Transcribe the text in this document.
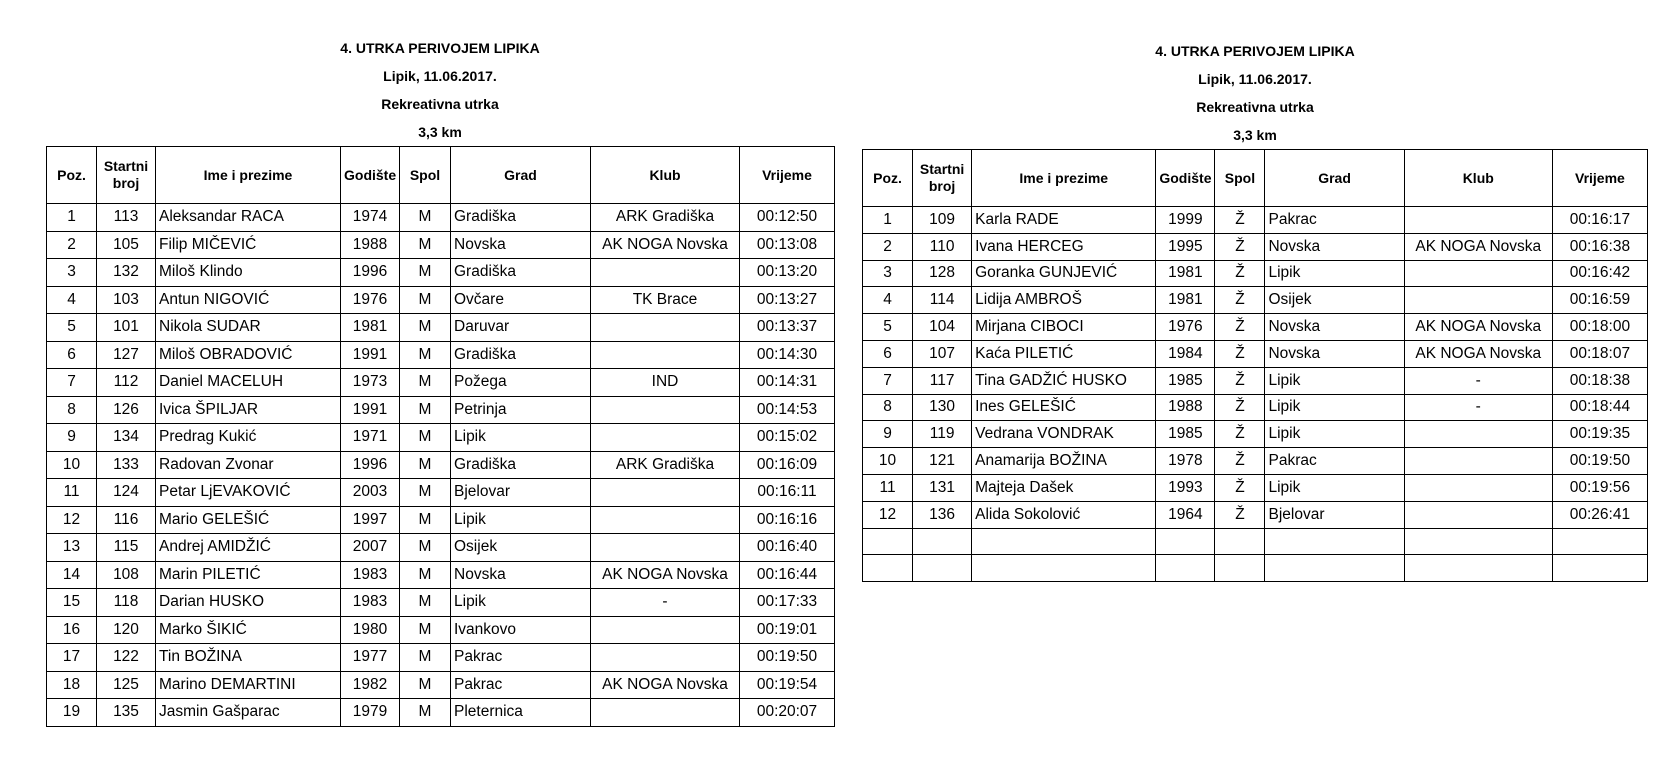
4. UTRKA PERIVOJEM LIPIKA
Lipik, 11.06.2017.
Rekreativna utrka
3,3 km
Poz.	Startni broj	Ime i prezime	Godište	Spol	Grad	Klub	Vrijeme
1	113	Aleksandar RACA	1974	M	Gradiška	ARK Gradiška	00:12:50
2	105	Filip MIČEVIĆ	1988	M	Novska	AK NOGA Novska	00:13:08
3	132	Miloš Klindo	1996	M	Gradiška		00:13:20
4	103	Antun NIGOVIĆ	1976	M	Ovčare	TK Brace	00:13:27
5	101	Nikola SUDAR	1981	M	Daruvar		00:13:37
6	127	Miloš OBRADOVIĆ	1991	M	Gradiška		00:14:30
7	112	Daniel MACELUH	1973	M	Požega	IND	00:14:31
8	126	Ivica ŠPILJAR	1991	M	Petrinja		00:14:53
9	134	Predrag Kukić	1971	M	Lipik		00:15:02
10	133	Radovan Zvonar	1996	M	Gradiška	ARK Gradiška	00:16:09
11	124	Petar LjEVAKOVIĆ	2003	M	Bjelovar		00:16:11
12	116	Mario GELEŠIĆ	1997	M	Lipik		00:16:16
13	115	Andrej AMIDŽIĆ	2007	M	Osijek		00:16:40
14	108	Marin PILETIĆ	1983	M	Novska	AK NOGA Novska	00:16:44
15	118	Darian HUSKO	1983	M	Lipik	-	00:17:33
16	120	Marko ŠIKIĆ	1980	M	Ivankovo		00:19:01
17	122	Tin BOŽINA	1977	M	Pakrac		00:19:50
18	125	Marino DEMARTINI	1982	M	Pakrac	AK NOGA Novska	00:19:54
19	135	Jasmin Gašparac	1979	M	Pleternica		00:20:07
4. UTRKA PERIVOJEM LIPIKA
Lipik, 11.06.2017.
Rekreativna utrka
3,3 km
Poz.	Startni broj	Ime i prezime	Godište	Spol	Grad	Klub	Vrijeme
1	109	Karla RADE	1999	Ž	Pakrac		00:16:17
2	110	Ivana HERCEG	1995	Ž	Novska	AK NOGA Novska	00:16:38
3	128	Goranka GUNJEVIĆ	1981	Ž	Lipik		00:16:42
4	114	Lidija AMBROŠ	1981	Ž	Osijek		00:16:59
5	104	Mirjana CIBOCI	1976	Ž	Novska	AK NOGA Novska	00:18:00
6	107	Kaća PILETIĆ	1984	Ž	Novska	AK NOGA Novska	00:18:07
7	117	Tina GADŽIĆ HUSKO	1985	Ž	Lipik	-	00:18:38
8	130	Ines GELEŠIĆ	1988	Ž	Lipik	-	00:18:44
9	119	Vedrana VONDRAK	1985	Ž	Lipik		00:19:35
10	121	Anamarija BOŽINA	1978	Ž	Pakrac		00:19:50
11	131	Majteja Dašek	1993	Ž	Lipik		00:19:56
12	136	Alida Sokolović	1964	Ž	Bjelovar		00:26:41
